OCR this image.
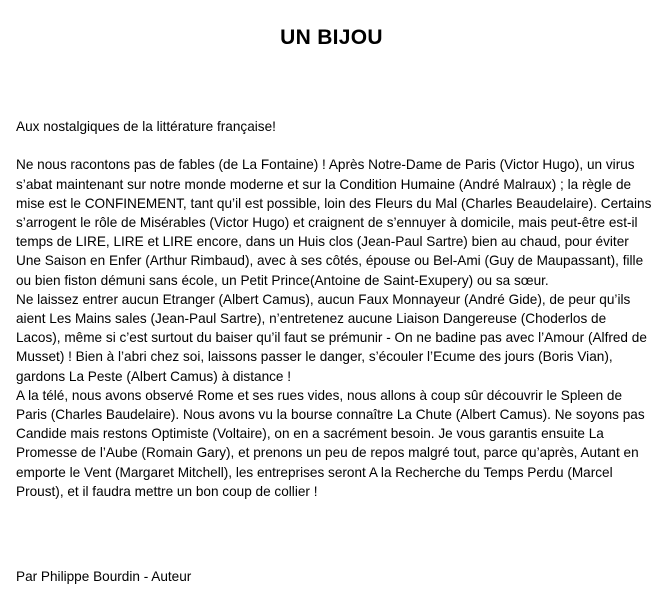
UN BIJOU

Aux nostalgiques de la littérature française!

Ne nous racontons pas de fables (de La Fontaine) ! Après Notre-Dame de Paris (Victor Hugo), un virus s’abat maintenant sur notre monde moderne et sur la Condition Humaine (André Malraux) ; la règle de mise est le CONFINEMENT, tant qu’il est possible, loin des Fleurs du Mal (Charles Beaudelaire). Certains s’arrogent le rôle de Misérables (Victor Hugo) et craignent de s’ennuyer à domicile, mais peut-être est-il temps de LIRE, LIRE et LIRE encore, dans un Huis clos (Jean-Paul Sartre) bien au chaud, pour éviter Une Saison en Enfer (Arthur Rimbaud), avec à ses côtés, épouse ou Bel-Ami (Guy de Maupassant), fille ou bien fiston démuni sans école, un Petit Prince(Antoine de Saint-Exupery) ou sa sœur.

Ne laissez entrer aucun Etranger (Albert Camus), aucun Faux Monnayeur (André Gide), de peur qu’ils aient Les Mains sales (Jean-Paul Sartre), n’entretenez aucune Liaison Dangereuse (Choderlos de Lacos), même si c’est surtout du baiser qu’il faut se prémunir - On ne badine pas avec l’Amour (Alfred de Musset) ! Bien à l’abri chez soi, laissons passer le danger, s’écouler l’Ecume des jours (Boris Vian), gardons La Peste (Albert Camus) à distance !

A la télé, nous avons observé Rome et ses rues vides, nous allons à coup sûr découvrir le Spleen de Paris (Charles Baudelaire). Nous avons vu la bourse connaître La Chute (Albert Camus). Ne soyons pas Candide mais restons Optimiste (Voltaire), on en a sacrément besoin. Je vous garantis ensuite La Promesse de l’Aube (Romain Gary), et prenons un peu de repos malgré tout, parce qu’après, Autant en emporte le Vent (Margaret Mitchell), les entreprises seront A la Recherche du Temps Perdu (Marcel Proust), et il faudra mettre un bon coup de collier !

Par Philippe Bourdin - Auteur
